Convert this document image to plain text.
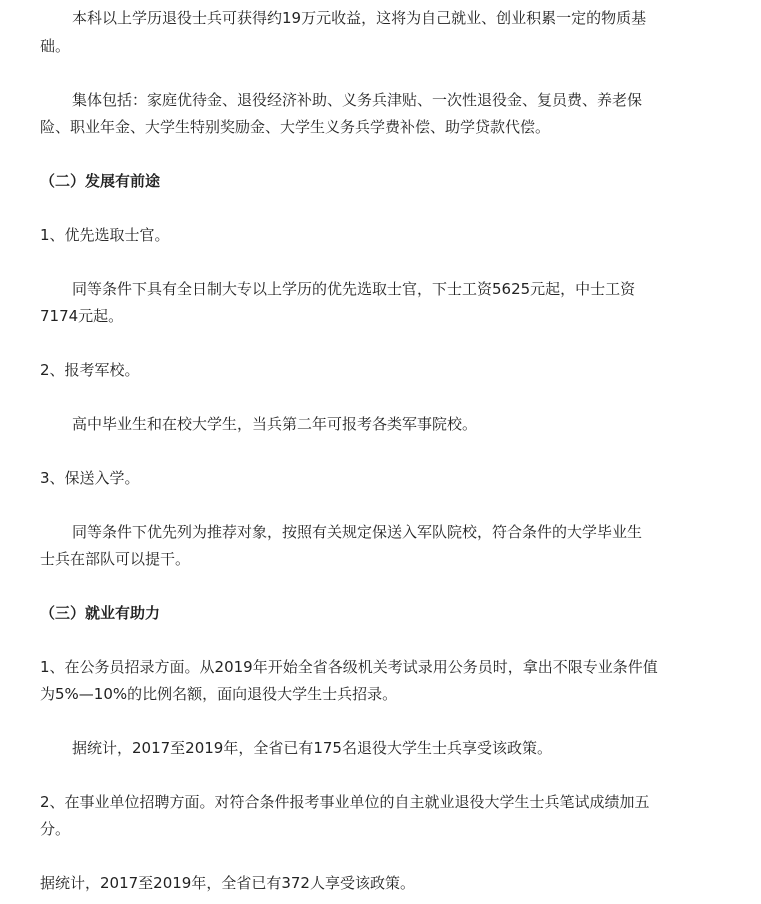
本科以上学历退役士兵可获得约19万元收益，这将为自己就业、创业积累一定的物质基

础。

集体包括：家庭优待金、退役经济补助、义务兵津贴、一次性退役金、复员费、养老保

险、职业年金、大学生特别奖励金、大学生义务兵学费补偿、助学贷款代偿。

（二）发展有前途

1、优先选取士官。

同等条件下具有全日制大专以上学历的优先选取士官，下士工资5625元起，中士工资

7174元起。

2、报考军校。

高中毕业生和在校大学生，当兵第二年可报考各类军事院校。

3、保送入学。

同等条件下优先列为推荐对象，按照有关规定保送入军队院校，符合条件的大学毕业生

士兵在部队可以提干。

（三）就业有助力

1、在公务员招录方面。从2019年开始全省各级机关考试录用公务员时，拿出不限专业条件值

为5%—10%的比例名额，面向退役大学生士兵招录。

据统计，2017至2019年，全省已有175名退役大学生士兵享受该政策。

2、在事业单位招聘方面。对符合条件报考事业单位的自主就业退役大学生士兵笔试成绩加五

分。

据统计，2017至2019年，全省已有372人享受该政策。
